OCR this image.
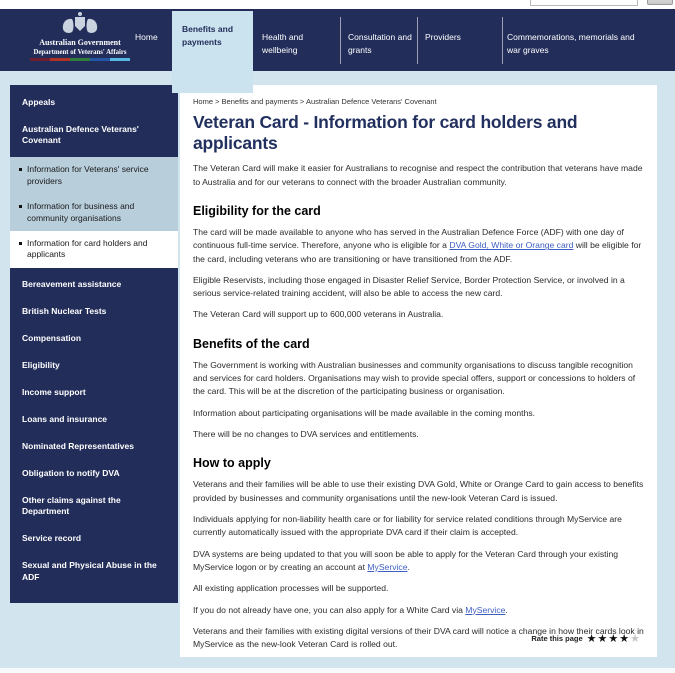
Australian Government
Department of Veterans' Affairs
Home
Benefits and payments	Health and wellbeing
Consultation and grants
Providers	Commemorations, memorials and war graves
Appeals
Australian Defence Veterans' Covenant
Information for Veterans' service providers
Information for business and community organisations
Information for card holders and applicants
Bereavement assistance
British Nuclear Tests
Compensation
Eligibility
Income support
Loans and insurance
Nominated Representatives
Obligation to notify DVA
Other claims against the Department
Service record
Sexual and Physical Abuse in the ADF
Home > Benefits and payments > Australian Defence Veterans' Covenant
Veteran Card - Information for card holders and applicants

The Veteran Card will make it easier for Australians to recognise and respect the contribution that veterans have made to Australia and for our veterans to connect with the broader Australian community.

Eligibility for the card

The card will be made available to anyone who has served in the Australian Defence Force (ADF) with one day of continuous full-time service. Therefore, anyone who is eligible for a DVA Gold, White or Orange card will be eligible for the card, including veterans who are transitioning or have transitioned from the ADF.

Eligible Reservists, including those engaged in Disaster Relief Service, Border Protection Service, or involved in a serious service-related training accident, will also be able to access the new card.

The Veteran Card will support up to 600,000 veterans in Australia.

Benefits of the card

The Government is working with Australian businesses and community organisations to discuss tangible recognition and services for card holders. Organisations may wish to provide special offers, support or concessions to holders of the card. This will be at the discretion of the participating business or organisation.

Information about participating organisations will be made available in the coming months.

There will be no changes to DVA services and entitlements.

How to apply

Veterans and their families will be able to use their existing DVA Gold, White or Orange Card to gain access to benefits provided by businesses and community organisations until the new-look Veteran Card is issued.

Individuals applying for non-liability health care or for liability for service related conditions through MyService are currently automatically issued with the appropriate DVA card if their claim is accepted.

DVA systems are being updated to that you will soon be able to apply for the Veteran Card through your existing MyService logon or by creating an account at MyService.

All existing application processes will be supported.

If you do not already have one, you can also apply for a White Card via MyService.

Veterans and their families with existing digital versions of their DVA card will notice a change in how their cards look in MyService as the new-look Veteran Card is rolled out.

Rate this page ★★★★★
